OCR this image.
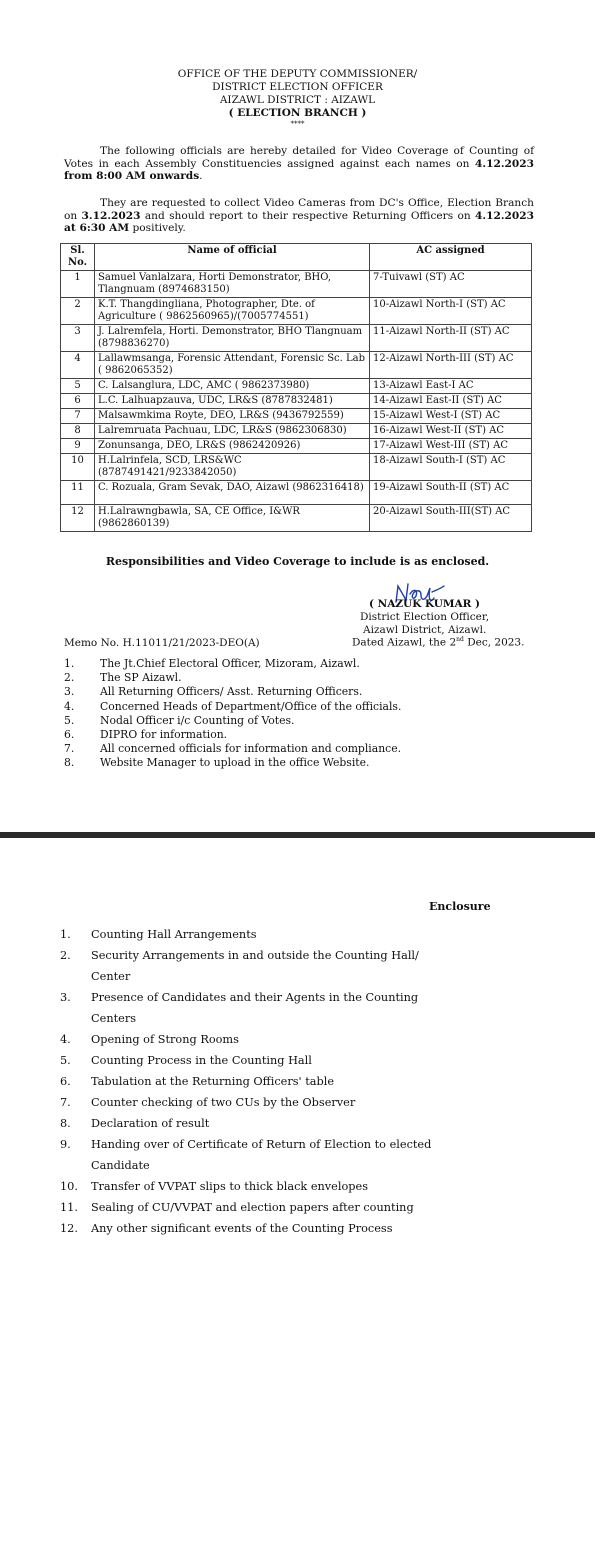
OFFICE OF THE DEPUTY COMMISSIONER/
DISTRICT ELECTION OFFICER
AIZAWL DISTRICT : AIZAWL
( ELECTION BRANCH )
****
The following officials are hereby detailed for Video Coverage of Counting of Votes in each Assembly Constituencies assigned against each names on 4.12.2023 from 8:00 AM onwards.
They are requested to collect Video Cameras from DC's Office, Election Branch on 3.12.2023 and should report to their respective Returning Officers on 4.12.2023 at 6:30 AM positively.
Sl. No.	Name of official	AC assigned
1	Samuel Vanlalzara, Horti Demonstrator, BHO, Tlangnuam (8974683150)	7-Tuivawl (ST) AC
2	K.T. Thangdingliana, Photographer, Dte. of Agriculture ( 9862560965)/(7005774551)	10-Aizawl North-I (ST) AC
3	J. Lalremfela, Horti. Demonstrator, BHO Tlangnuam (8798836270)	11-Aizawl North-II (ST) AC
4	Lallawmsanga, Forensic Attendant, Forensic Sc. Lab ( 9862065352)	12-Aizawl North-III (ST) AC
5	C. Lalsanglura, LDC, AMC ( 9862373980)	13-Aizawl East-I AC
6	L.C. Lalhuapzauva, UDC, LR&S (8787832481)	14-Aizawl East-II (ST) AC
7	Malsawmkima Royte, DEO, LR&S (9436792559)	15-Aizawl West-I (ST) AC
8	Lalremruata Pachuau, LDC, LR&S (9862306830)	16-Aizawl West-II (ST) AC
9	Zonunsanga, DEO, LR&S (9862420926)	17-Aizawl West-III (ST) AC
10	H.Lalrinfela, SCD, LRS&WC (8787491421/9233842050)	18-Aizawl South-I (ST) AC
11	C. Rozuala, Gram Sevak, DAO, Aizawl (9862316418)	19-Aizawl South-II (ST) AC
12	H.Lalrawngbawla, SA, CE Office, I&WR (9862860139)	20-Aizawl South-III(ST) AC
Responsibilities and Video Coverage to include is as enclosed.
( NAZUK KUMAR )
District Election Officer,
Aizawl District, Aizawl.
Memo No. H.11011/21/2023-DEO(A)	Dated Aizawl, the 2nd Dec, 2023.
1.	The Jt.Chief Electoral Officer, Mizoram, Aizawl.
2.	The SP Aizawl.
3.	All Returning Officers/ Asst. Returning Officers.
4.	Concerned Heads of Department/Office of the officials.
5.	Nodal Officer i/c Counting of Votes.
6.	DIPRO for information.
7.	All concerned officials for information and compliance.
8.	Website Manager to upload in the office Website.
Enclosure
1.	Counting Hall Arrangements
2.	Security Arrangements in and outside the Counting Hall/ Center
3.	Presence of Candidates and their Agents in the Counting Centers
4.	Opening of Strong Rooms
5.	Counting Process in the Counting Hall
6.	Tabulation at the Returning Officers' table
7.	Counter checking of two CUs by the Observer
8.	Declaration of result
9.	Handing over of Certificate of Return of Election to elected Candidate
10.	Transfer of VVPAT slips to thick black envelopes
11.	Sealing of CU/VVPAT and election papers after counting
12.	Any other significant events of the Counting Process
